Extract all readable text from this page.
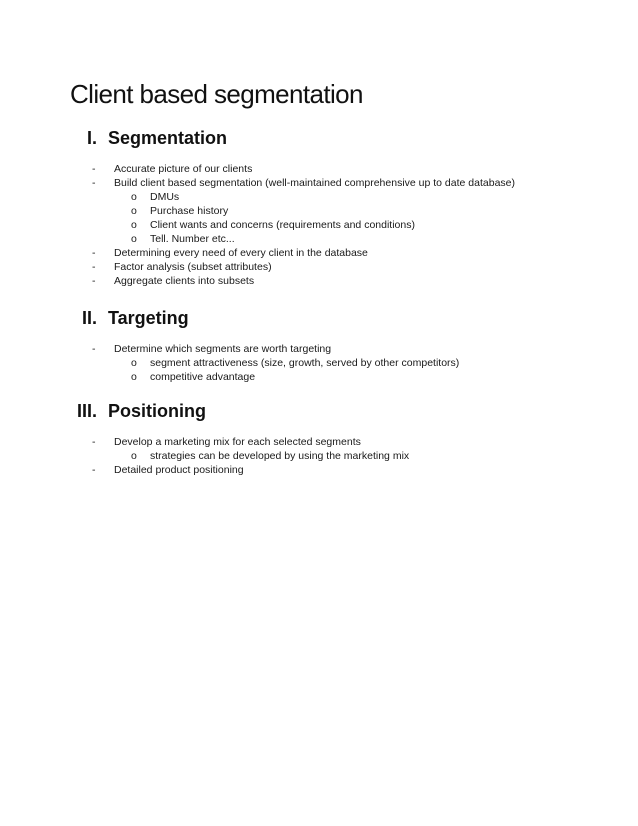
Client based segmentation
I. Segmentation
-	Accurate picture of our clients
-	Build client based segmentation (well-maintained comprehensive up to date database)
o DMUs
o Purchase history
o Client wants and concerns (requirements and conditions)
o Tell. Number etc...
-	Determining every need of every client in the database
-	Factor analysis (subset attributes)
-	Aggregate clients into subsets
II. Targeting
-	Determine which segments are worth targeting
o segment attractiveness (size, growth, served by other competitors)
o competitive advantage
III. Positioning
-	Develop a marketing mix for each selected segments
o strategies can be developed by using the marketing mix
-	Detailed product positioning
